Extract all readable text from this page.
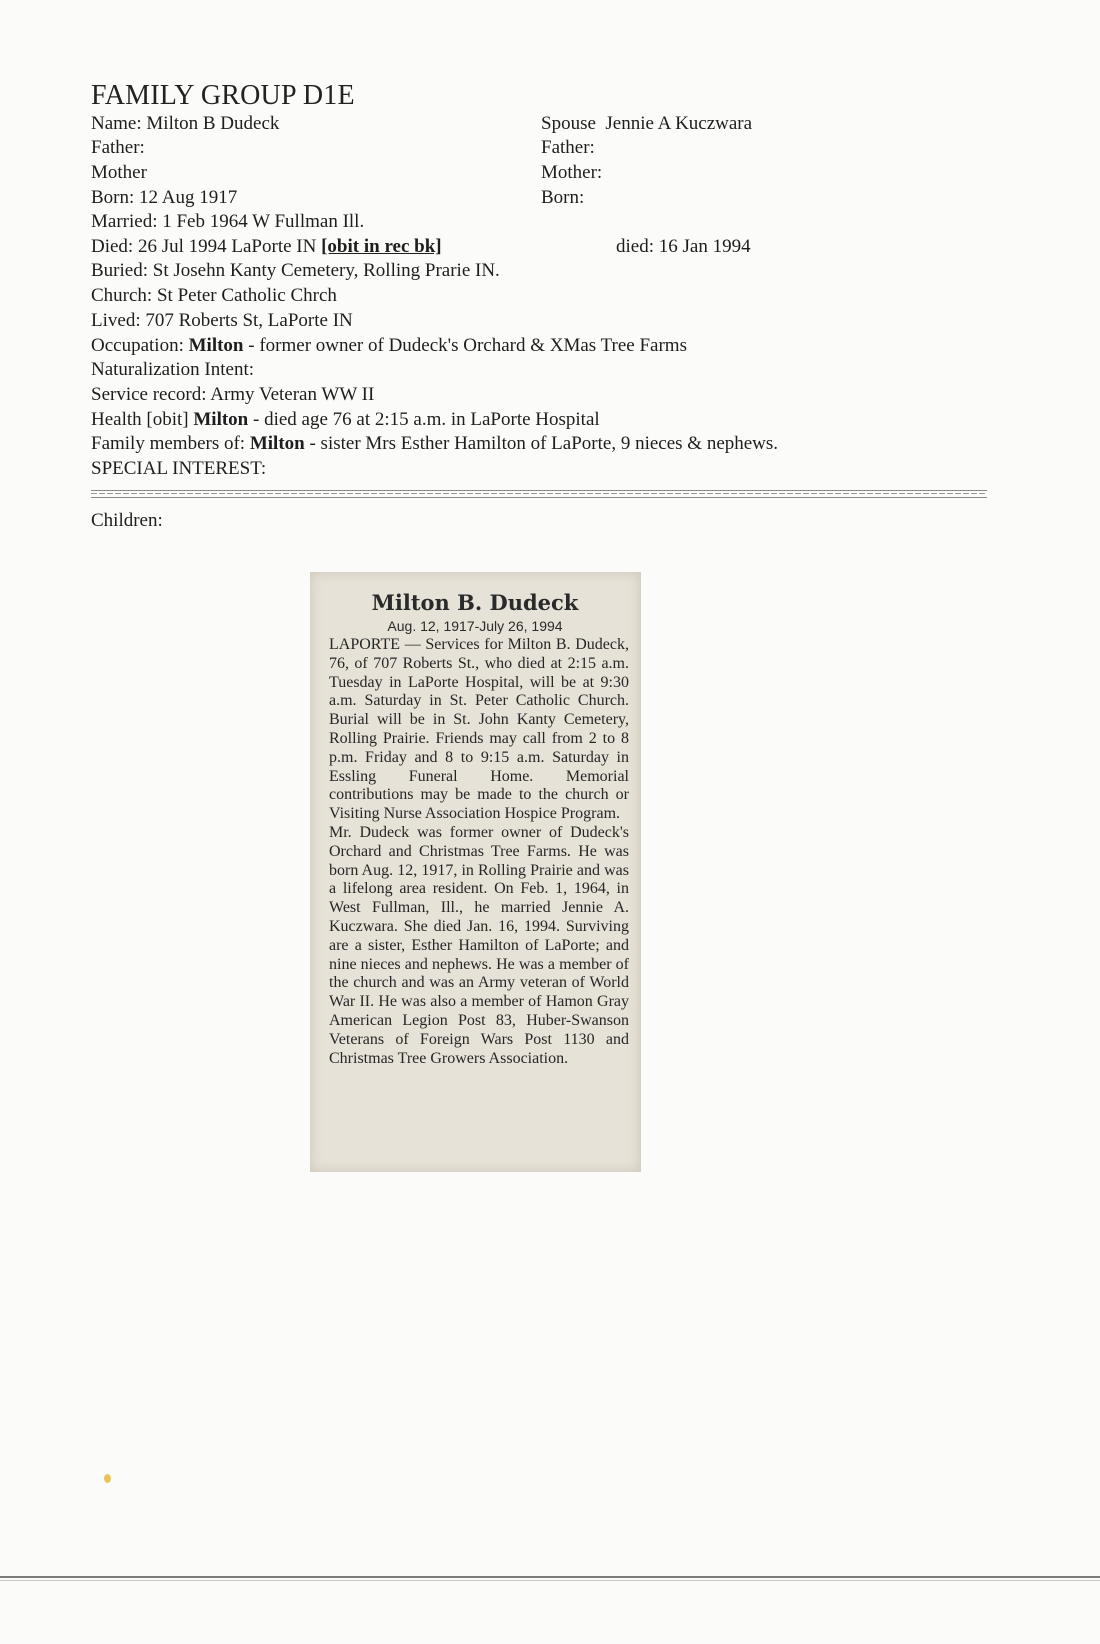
FAMILY GROUP D1E
Name: Milton B Dudeck
Father:
Mother
Born: 12 Aug 1917
Married: 1 Feb 1964 W Fullman Ill.
Died: 26 Jul 1994 LaPorte IN [obit in rec bk]
Buried: St Josehn Kanty Cemetery, Rolling Prarie IN.
Church: St Peter Catholic Chrch
Lived: 707 Roberts St, LaPorte IN
Occupation: Milton - former owner of Dudeck's Orchard & XMas Tree Farms
Naturalization Intent:
Service record: Army Veteran WW II
Health [obit] Milton - died age 76 at 2:15 a.m. in LaPorte Hospital
Family members of: Milton - sister Mrs Esther Hamilton of LaPorte, 9 nieces & nephews.
SPECIAL INTEREST:
Spouse Jennie A Kuczwara
Father:
Mother:
Born:
died: 16 Jan 1994
Children:
Milton B. Dudeck
Aug. 12, 1917-July 26, 1994
LAPORTE — Services for Milton B. Dudeck, 76, of 707 Roberts St., who died at 2:15 a.m. Tuesday in LaPorte Hospital, will be at 9:30 a.m. Saturday in St. Peter Catholic Church. Burial will be in St. John Kanty Cemetery, Rolling Prairie. Friends may call from 2 to 8 p.m. Friday and 8 to 9:15 a.m. Saturday in Essling Funeral Home. Memorial contributions may be made to the church or Visiting Nurse Association Hospice Program.
Mr. Dudeck was former owner of Dudeck's Orchard and Christmas Tree Farms. He was born Aug. 12, 1917, in Rolling Prairie and was a lifelong area resident. On Feb. 1, 1964, in West Fullman, Ill., he married Jennie A. Kuczwara. She died Jan. 16, 1994. Surviving are a sister, Esther Hamilton of LaPorte; and nine nieces and nephews. He was a member of the church and was an Army veteran of World War II. He was also a member of Hamon Gray American Legion Post 83, Huber-Swanson Veterans of Foreign Wars Post 1130 and Christmas Tree Growers Association.
